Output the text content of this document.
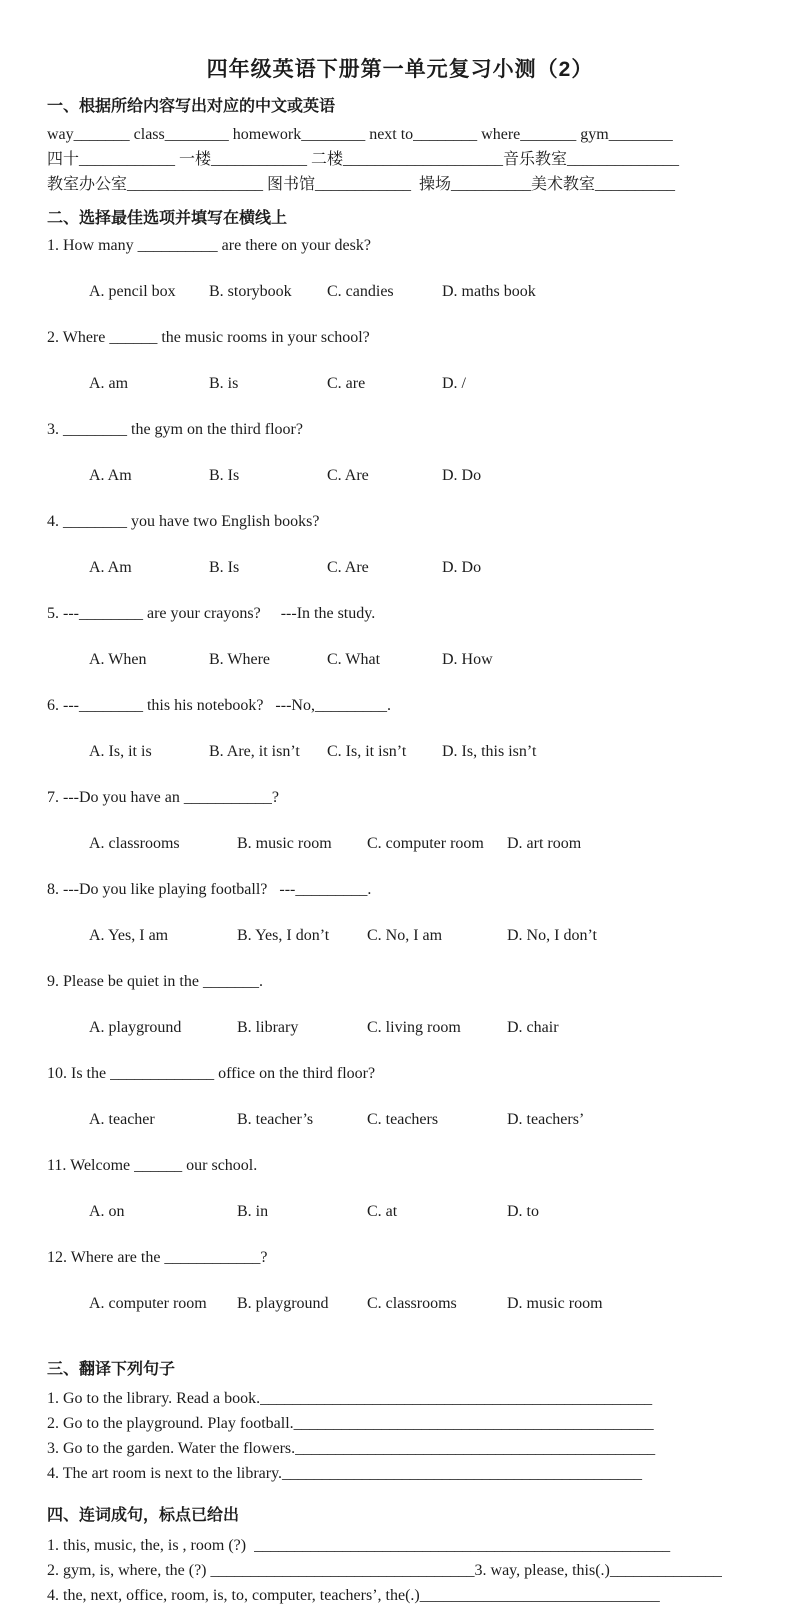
四年级英语下册第一单元复习小测（2）
一、根据所给内容写出对应的中文或英语
way_______ class________ homework________ next to________ where_______ gym________
四十____________ 一楼____________ 二楼____________________音乐教室______________
教室办公室_________________ 图书馆____________  操场__________美术教室__________
二、选择最佳选项并填写在横线上
1. How many __________ are there on your desk?

A. pencil box B. storybook C. candies	D. maths book

2. Where ______ the music rooms in your school?

A. am	B. is	C. are	D. /

3. ________ the gym on the third floor?

A. Am	B. Is	C. Are	D. Do

4. ________ you have two English books?

A. Am	B. Is	C. Are	D. Do

5. ---________ are your crayons?     ---In the study.

A. When	B. Where	C. What	D. How

6. ---________ this his notebook?   ---No,_________.

A. Is, it is	B. Are, it isn’t C. Is, it isn’t D. Is, this isn’t

7. ---Do you have an ___________?

A. classrooms	B. music room C. computer room D. art room

8. ---Do you like playing football?   ---_________.

A. Yes, I am	B. Yes, I don’t C. No, I am	D. No, I don’t

9. Please be quiet in the _______.

A. playground	B. library	C. living room	D. chair

10. Is the _____________ office on the third floor?

A. teacher	B. teacher’s	C. teachers	D. teachers’

11. Welcome ______ our school.

A. on	B. in	C. at	D. to

12. Where are the ____________?

A. computer room B. playground C. classrooms	D. music room

三、翻译下列句子
1. Go to the library. Read a book._________________________________________________
2. Go to the playground. Play football._____________________________________________
3. Go to the garden. Water the flowers._____________________________________________
4. The art room is next to the library._____________________________________________
四、连词成句，标点已给出
1. this, music, the, is , room (?)  ____________________________________________________
2. gym, is, where, the (?) _________________________________3. way, please, this(.)______________
4. the, next, office, room, is, to, computer, teachers’, the(.)______________________________
